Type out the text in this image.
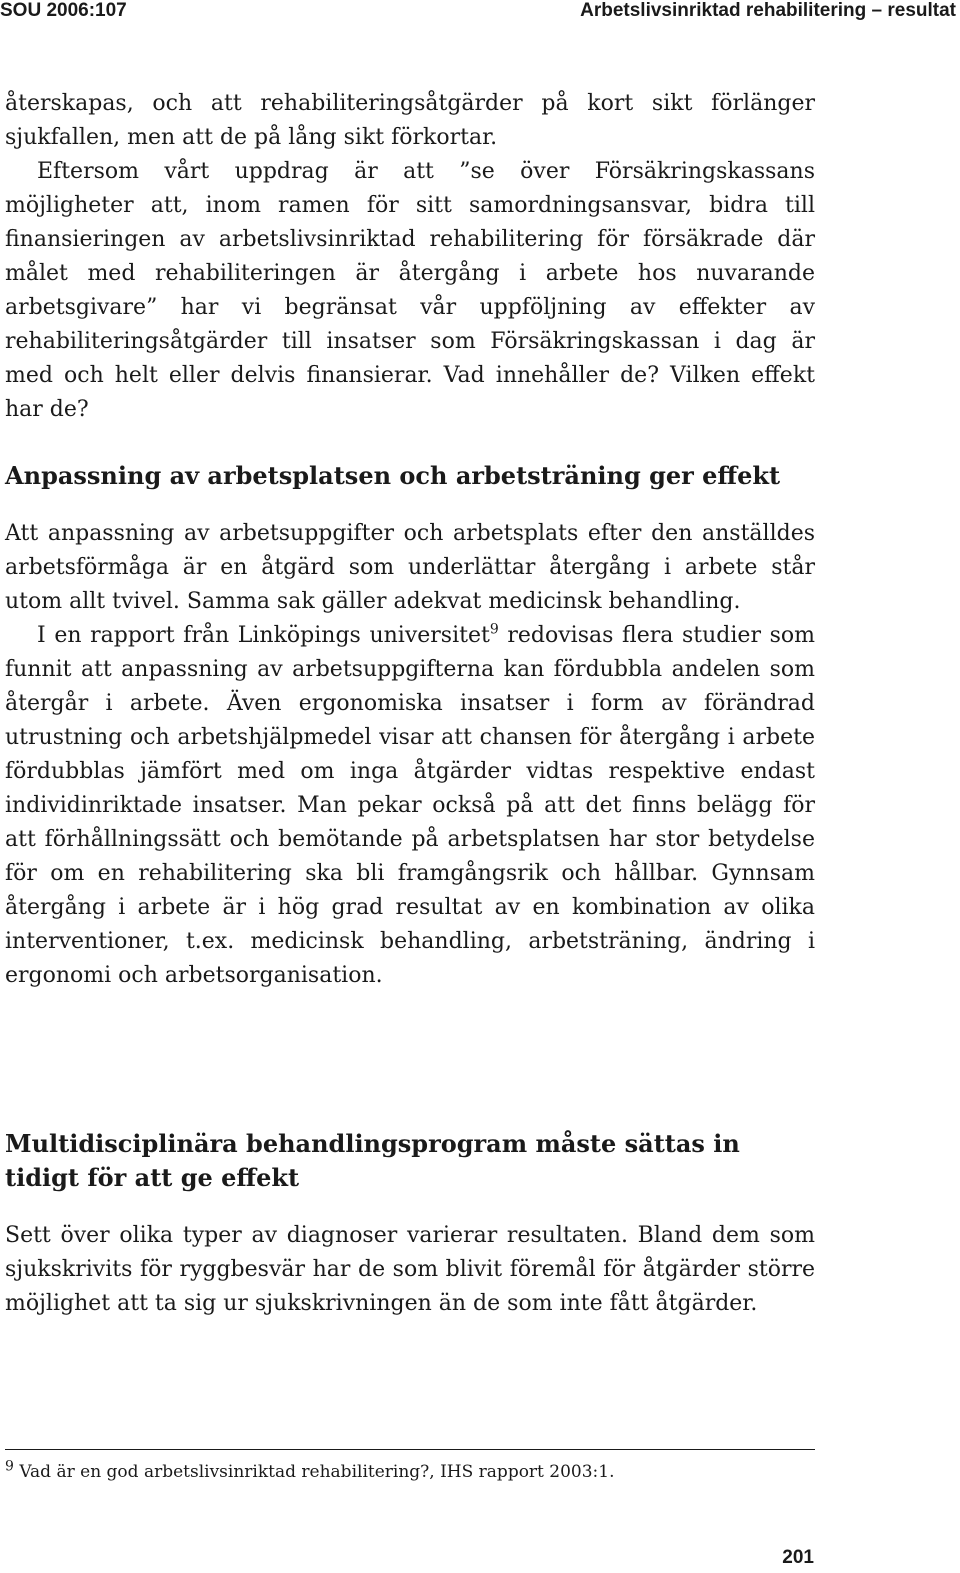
SOU 2006:107	Arbetslivsinriktad rehabilitering – resultat

återskapas, och att rehabiliteringsåtgärder på kort sikt förlänger sjukfallen, men att de på lång sikt förkortar.

Eftersom vårt uppdrag är att ”se över Försäkringskassans möjligheter att, inom ramen för sitt samordningsansvar, bidra till finansieringen av arbetslivsinriktad rehabilitering för försäkrade där målet med rehabiliteringen är återgång i arbete hos nuvarande arbetsgivare” har vi begränsat vår uppföljning av effekter av rehabiliteringsåtgärder till insatser som Försäkringskassan i dag är med och helt eller delvis finansierar. Vad innehåller de? Vilken effekt har de?

Anpassning av arbetsplatsen och arbetsträning ger effekt

Att anpassning av arbetsuppgifter och arbetsplats efter den anställdes arbetsförmåga är en åtgärd som underlättar återgång i arbete står utom allt tvivel. Samma sak gäller adekvat medicinsk behandling.

I en rapport från Linköpings universitet$^9$ redovisas flera studier som funnit att anpassning av arbetsuppgifterna kan fördubbla andelen som återgår i arbete. Även ergonomiska insatser i form av förändrad utrustning och arbetshjälpmedel visar att chansen för återgång i arbete fördubblas jämfört med om inga åtgärder vidtas respektive endast individinriktade insatser. Man pekar också på att det finns belägg för att förhållningssätt och bemötande på arbetsplatsen har stor betydelse för om en rehabilitering ska bli framgångsrik och hållbar. Gynnsam återgång i arbete är i hög grad resultat av en kombination av olika interventioner, t.ex. medicinsk behandling, arbetsträning, ändring i ergonomi och arbetsorganisation.

Multidisciplinära behandlingsprogram måste sättas in tidigt för att ge effekt

Sett över olika typer av diagnoser varierar resultaten. Bland dem som sjukskrivits för ryggbesvär har de som blivit föremål för åtgärder större möjlighet att ta sig ur sjukskrivningen än de som inte fått åtgärder.

$^9$ Vad är en god arbetslivsinriktad rehabilitering?, IHS rapport 2003:1.
201
